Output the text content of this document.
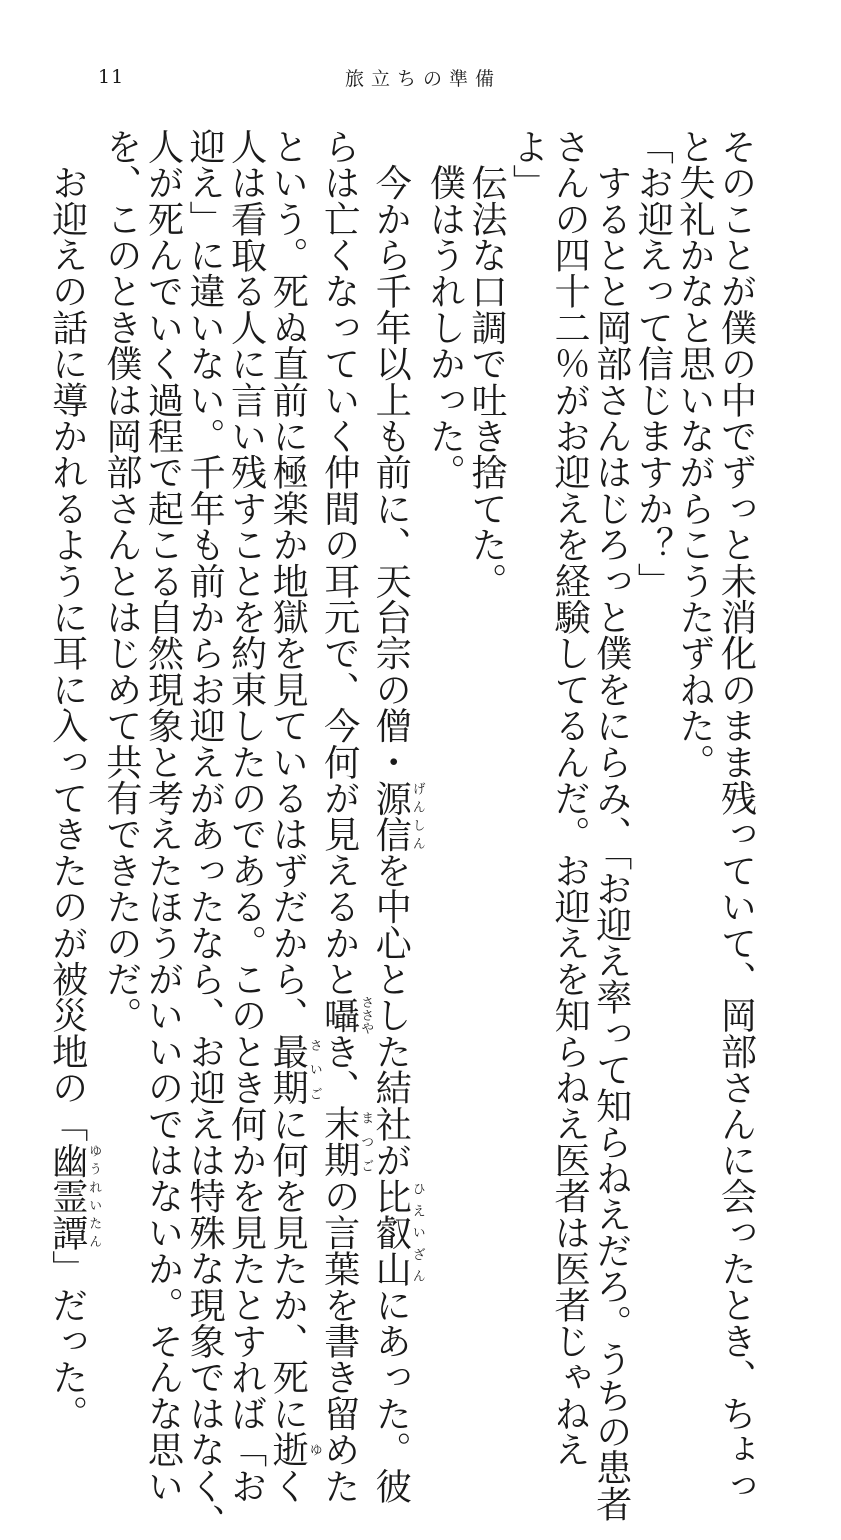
11	旅立ちの準備
そのことが僕の中でずっと未消化のまま残っていて、岡部さんに会ったとき、ちょっ
と失礼かなと思いながらこうたずねた。
「お迎えって信じますか？」
　するとと岡部さんはじろっと僕をにらみ、「お迎え率って知らねえだろ。うちの患者
さんの四十二％がお迎えを経験してるんだ。お迎えを知らねえ医者は医者じゃねえ
よ」
　伝法な口調で吐き捨てた。
　僕はうれしかった。
　今から千年以上も前に、天台宗の僧・源信げんしんを中心とした結社が比叡山ひえいざんにあった。彼
らは亡くなっていく仲間の耳元で、今何が見えるかと囁ささやき、末期まつごの言葉を書き留めた
という。死ぬ直前に極楽か地獄を見ているはずだから、最期さいごに何を見たか、死に逝ゆく
人は看取る人に言い残すことを約束したのである。このとき何かを見たとすれば「お
迎え」に違いない。千年も前からお迎えがあったなら、お迎えは特殊な現象ではなく、
人が死んでいく過程で起こる自然現象と考えたほうがいいのではないか。そんな思い
を、このとき僕は岡部さんとはじめて共有できたのだ。
　お迎えの話に導かれるように耳に入ってきたのが被災地の「幽霊譚ゆうれいたん」だった。
